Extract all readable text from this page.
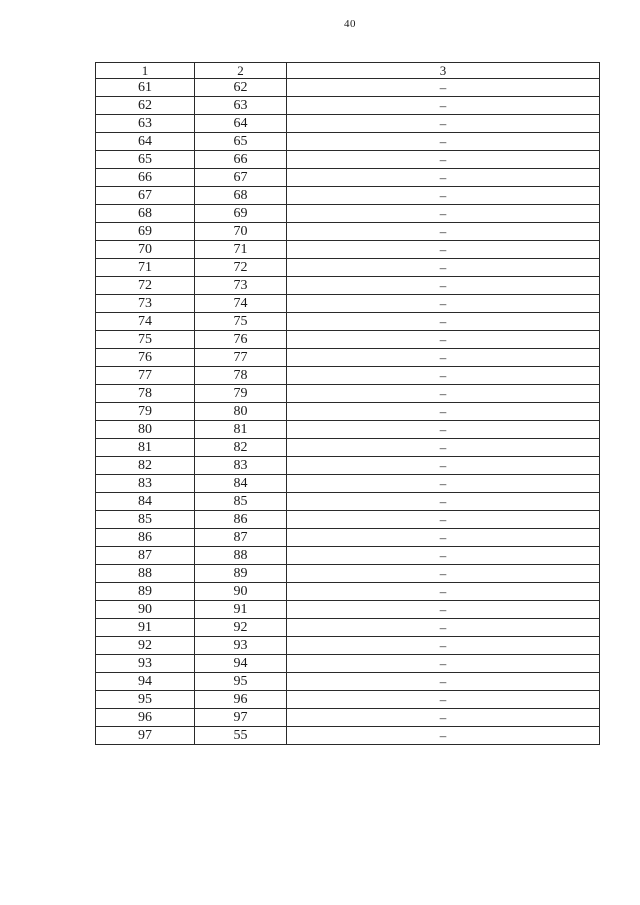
40
1	2	3
61	62	–
62	63	–
63	64	–
64	65	–
65	66	–
66	67	–
67	68	–
68	69	–
69	70	–
70	71	–
71	72	–
72	73	–
73	74	–
74	75	–
75	76	–
76	77	–
77	78	–
78	79	–
79	80	–
80	81	–
81	82	–
82	83	–
83	84	–
84	85	–
85	86	–
86	87	–
87	88	–
88	89	–
89	90	–
90	91	–
91	92	–
92	93	–
93	94	–
94	95	–
95	96	–
96	97	–
97	55	–
